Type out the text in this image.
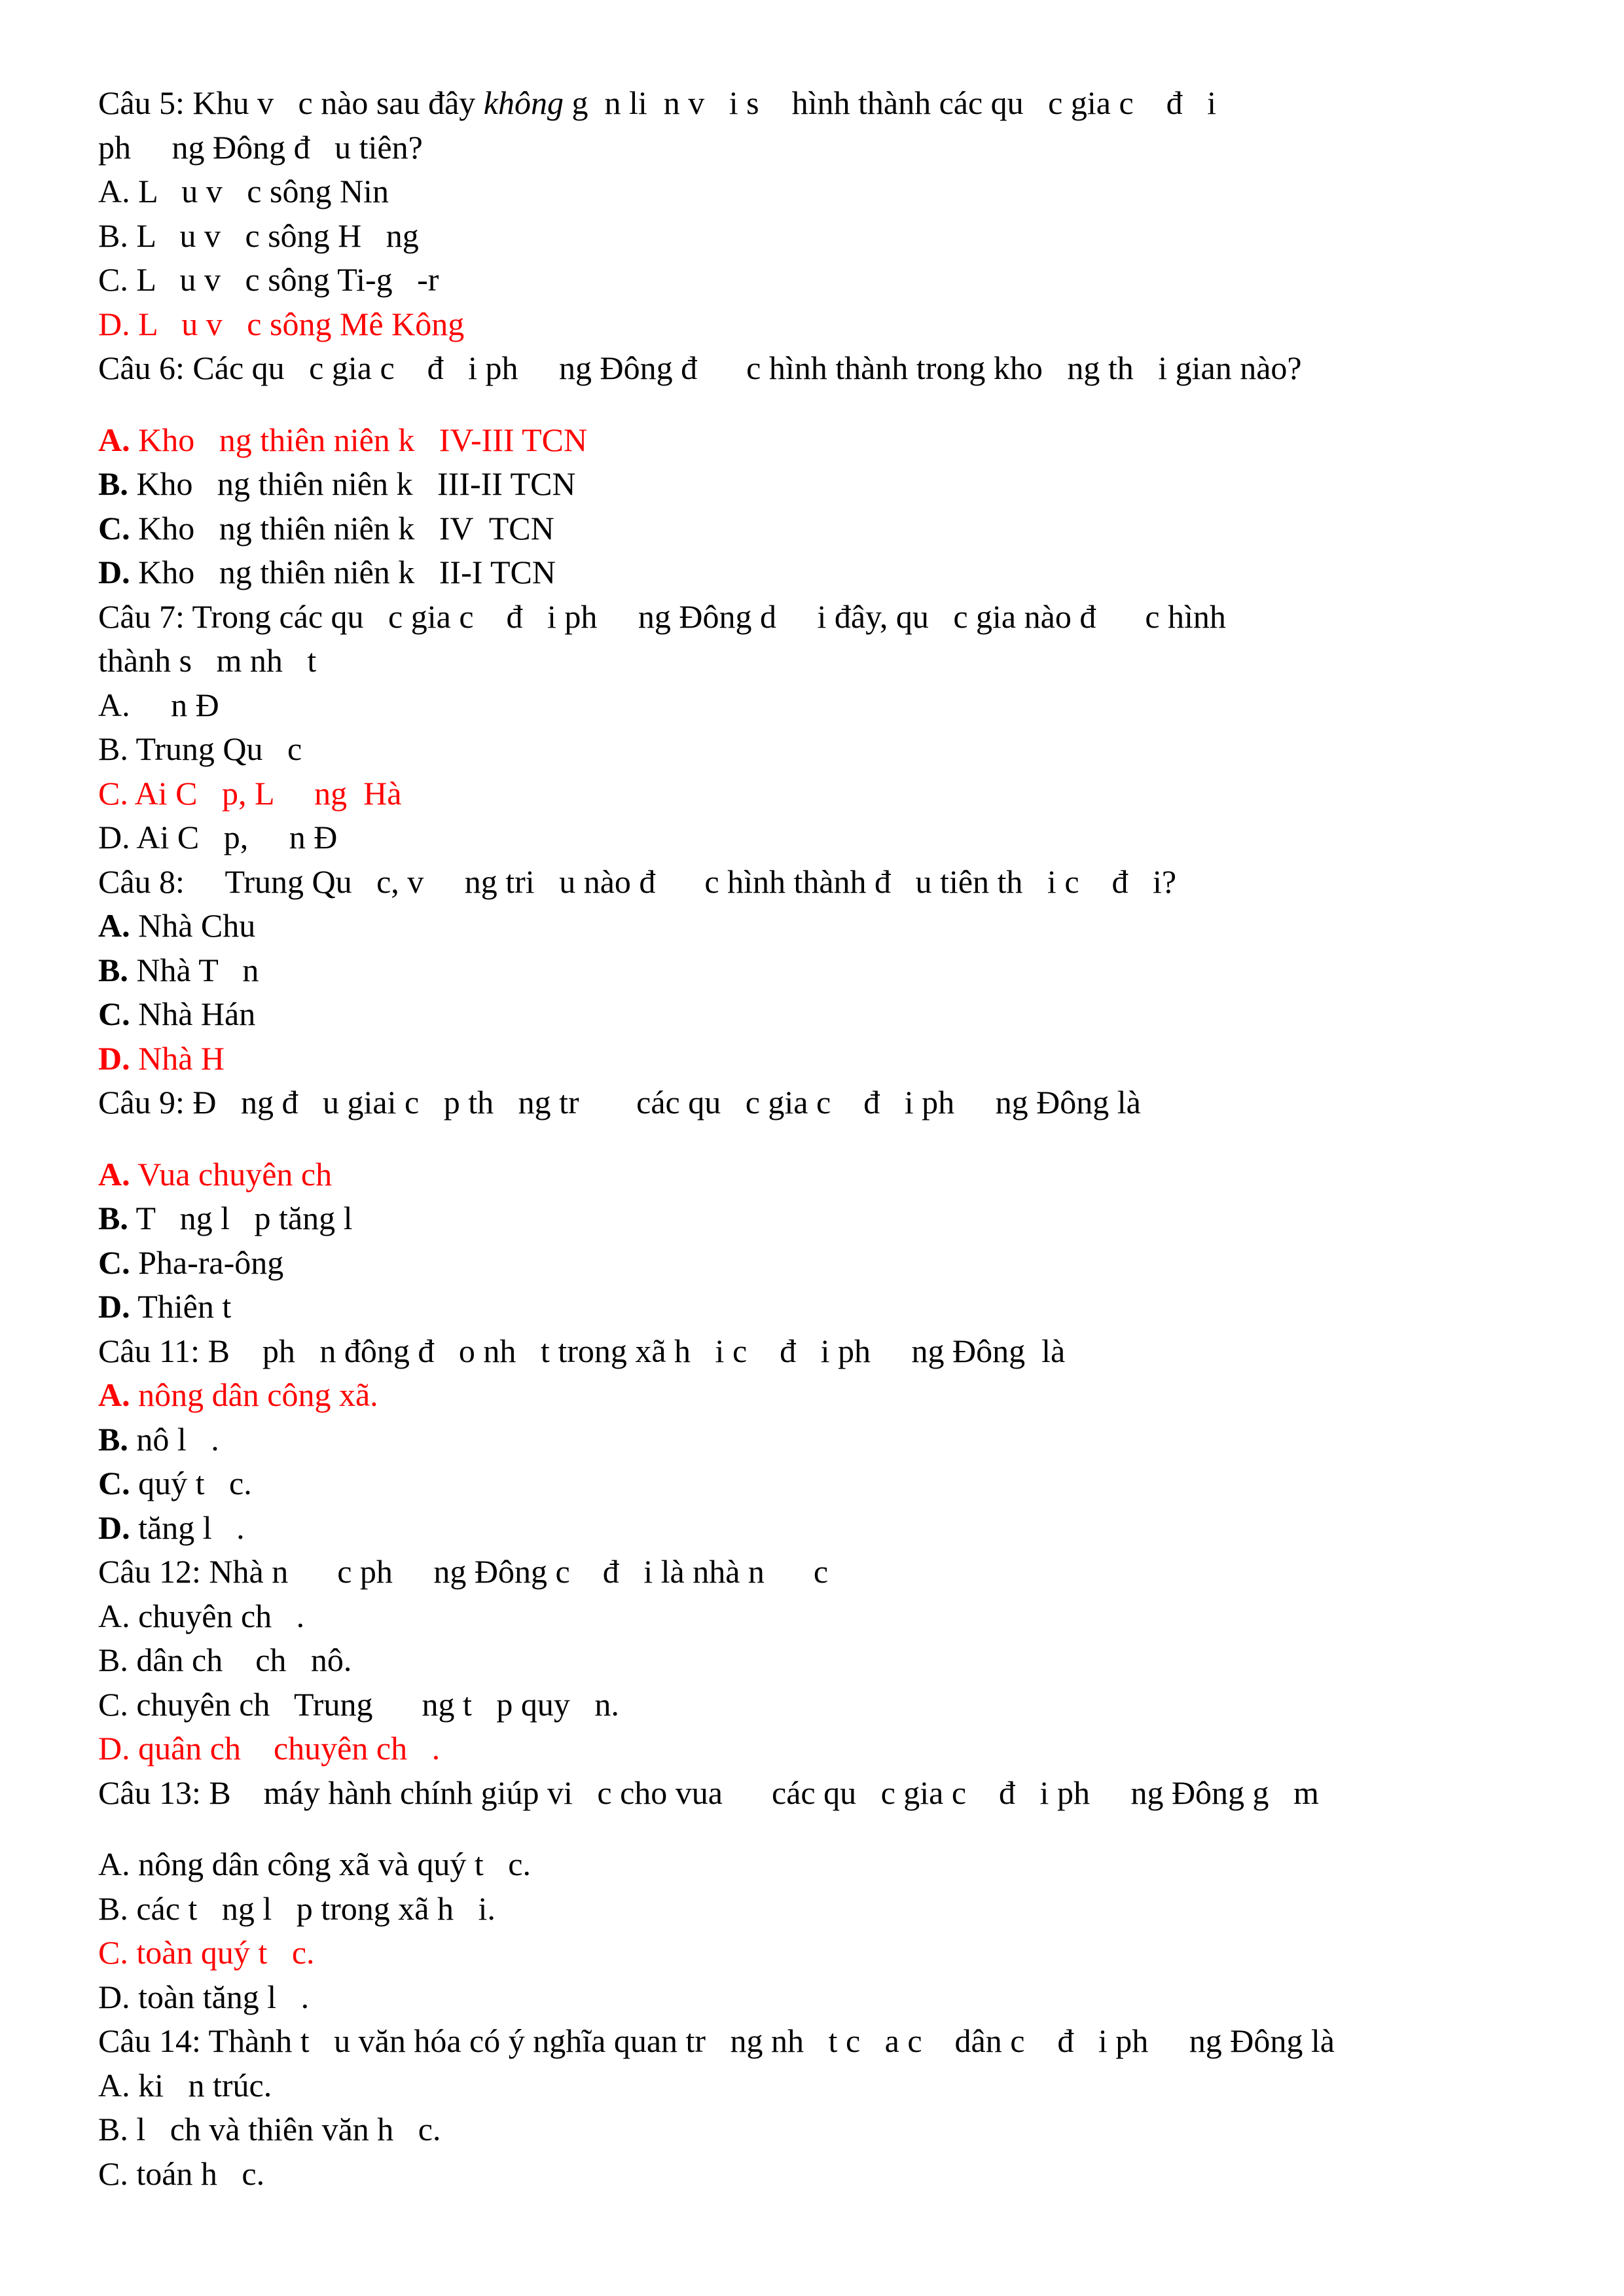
Câu 5: Khu v   c nào sau đây không g  n li  n v   i s    hình thành các qu   c gia c    đ   i
ph     ng Đông đ   u tiên?
A. L   u v   c sông Nin
B. L   u v   c sông H   ng
C. L   u v   c sông Ti-g   -r
D. L   u v   c sông Mê Kông
Câu 6: Các qu   c gia c    đ   i ph     ng Đông đ      c hình thành trong kho   ng th   i gian nào?
A. Kho   ng thiên niên k   IV-III TCN
B. Kho   ng thiên niên k   III-II TCN
C. Kho   ng thiên niên k   IV  TCN
D. Kho   ng thiên niên k   II-I TCN
Câu 7: Trong các qu   c gia c    đ   i ph     ng Đông d     i đây, qu   c gia nào đ      c hình
thành s   m nh   t
A.     n Đ
B. Trung Qu   c
C. Ai C   p, L     ng  Hà
D. Ai C   p,     n Đ
Câu 8:     Trung Qu   c, v     ng tri   u nào đ      c hình thành đ   u tiên th   i c    đ   i?
A. Nhà Chu
B. Nhà T   n
C. Nhà Hán
D. Nhà H
Câu 9: Đ   ng đ   u giai c   p th   ng tr       các qu   c gia c    đ   i ph     ng Đông là
A. Vua chuyên ch
B. T   ng l   p tăng l
C. Pha-ra-ông
D. Thiên t
Câu 11: B    ph   n đông đ   o nh   t trong xã h   i c    đ   i ph     ng Đông  là
A. nông dân công xã.
B. nô l   .
C. quý t   c.
D. tăng l   .
Câu 12: Nhà n      c ph     ng Đông c    đ   i là nhà n      c
A. chuyên ch   .
B. dân ch    ch   nô.
C. chuyên ch   Trung      ng t   p quy   n.
D. quân ch    chuyên ch   .
Câu 13: B    máy hành chính giúp vi   c cho vua      các qu   c gia c    đ   i ph     ng Đông g   m
A. nông dân công xã và quý t   c.
B. các t   ng l   p trong xã h   i.
C. toàn quý t   c.
D. toàn tăng l   .
Câu 14: Thành t   u văn hóa có ý nghĩa quan tr   ng nh   t c   a c    dân c    đ   i ph     ng Đông là
A. ki   n trúc.
B. l   ch và thiên văn h   c.
C. toán h   c.
